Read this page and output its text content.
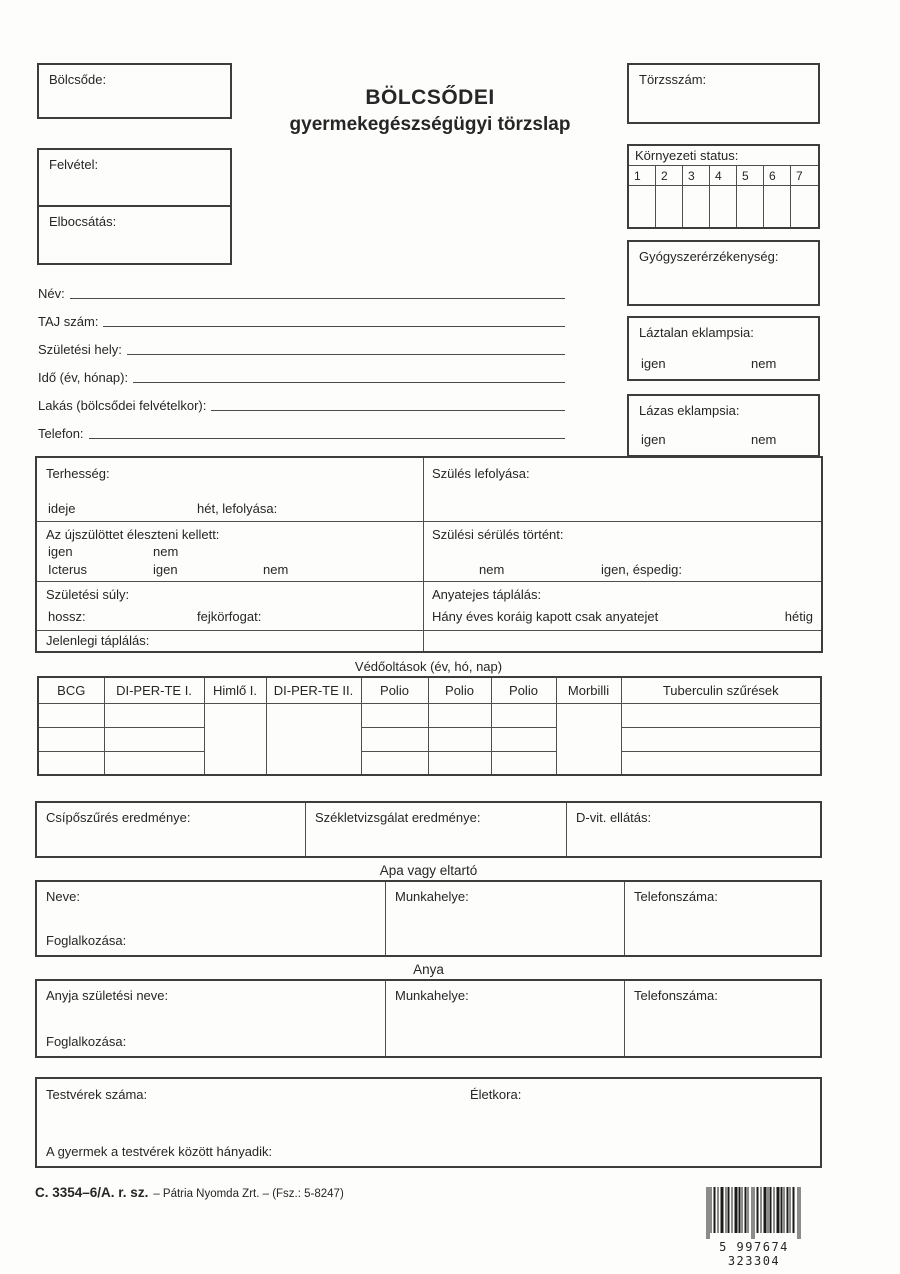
Bölcsőde:
Felvétel:
Elbocsátás:
BÖLCSŐDEI
gyermekegészségügyi törzslap
Törzsszám:
Környezeti status:
1	2	3	4	5	6	7
Gyógyszerérzékenység:
Név:
TAJ szám:
Születési hely:
Idő (év, hónap):
Lakás (bölcsődei felvételkor):
Telefon:
Láztalan eklampsia:
igen	nem
Lázas eklampsia:
igen	nem
Terhesség:
ideje	hét, lefolyása:
Szülés lefolyása:
Az újszülöttet éleszteni kellett:
igen	nem
Icterus	igen	nem
Szülési sérülés történt:
nem	igen, éspedig:
Születési súly:
hossz:	fejkörfogat:
Anyatejes táplálás:
Hány éves koráig kapott csak anyatejet	hétig
Jelenlegi táplálás:
Védőoltások (év, hó, nap)
BCG	DI-PER-TE I.	Himlő I.	DI-PER-TE II.	Polio	Polio	Polio	Morbilli	Tuberculin szűrések

Csípőszűrés eredménye:	Székletvizsgálat eredménye:	D-vit. ellátás:
Apa vagy eltartó
Neve:
Foglalkozása:
Munkahelye:	Telefonszáma:
Anya
Anyja születési neve:
Foglalkozása:
Munkahelye:	Telefonszáma:
Testvérek száma:	Életkora:
A gyermek a testvérek között hányadik:
C. 3354–6/A. r. sz. – Pátria Nyomda Zrt. – (Fsz.: 5-8247)
5 997674 323304
